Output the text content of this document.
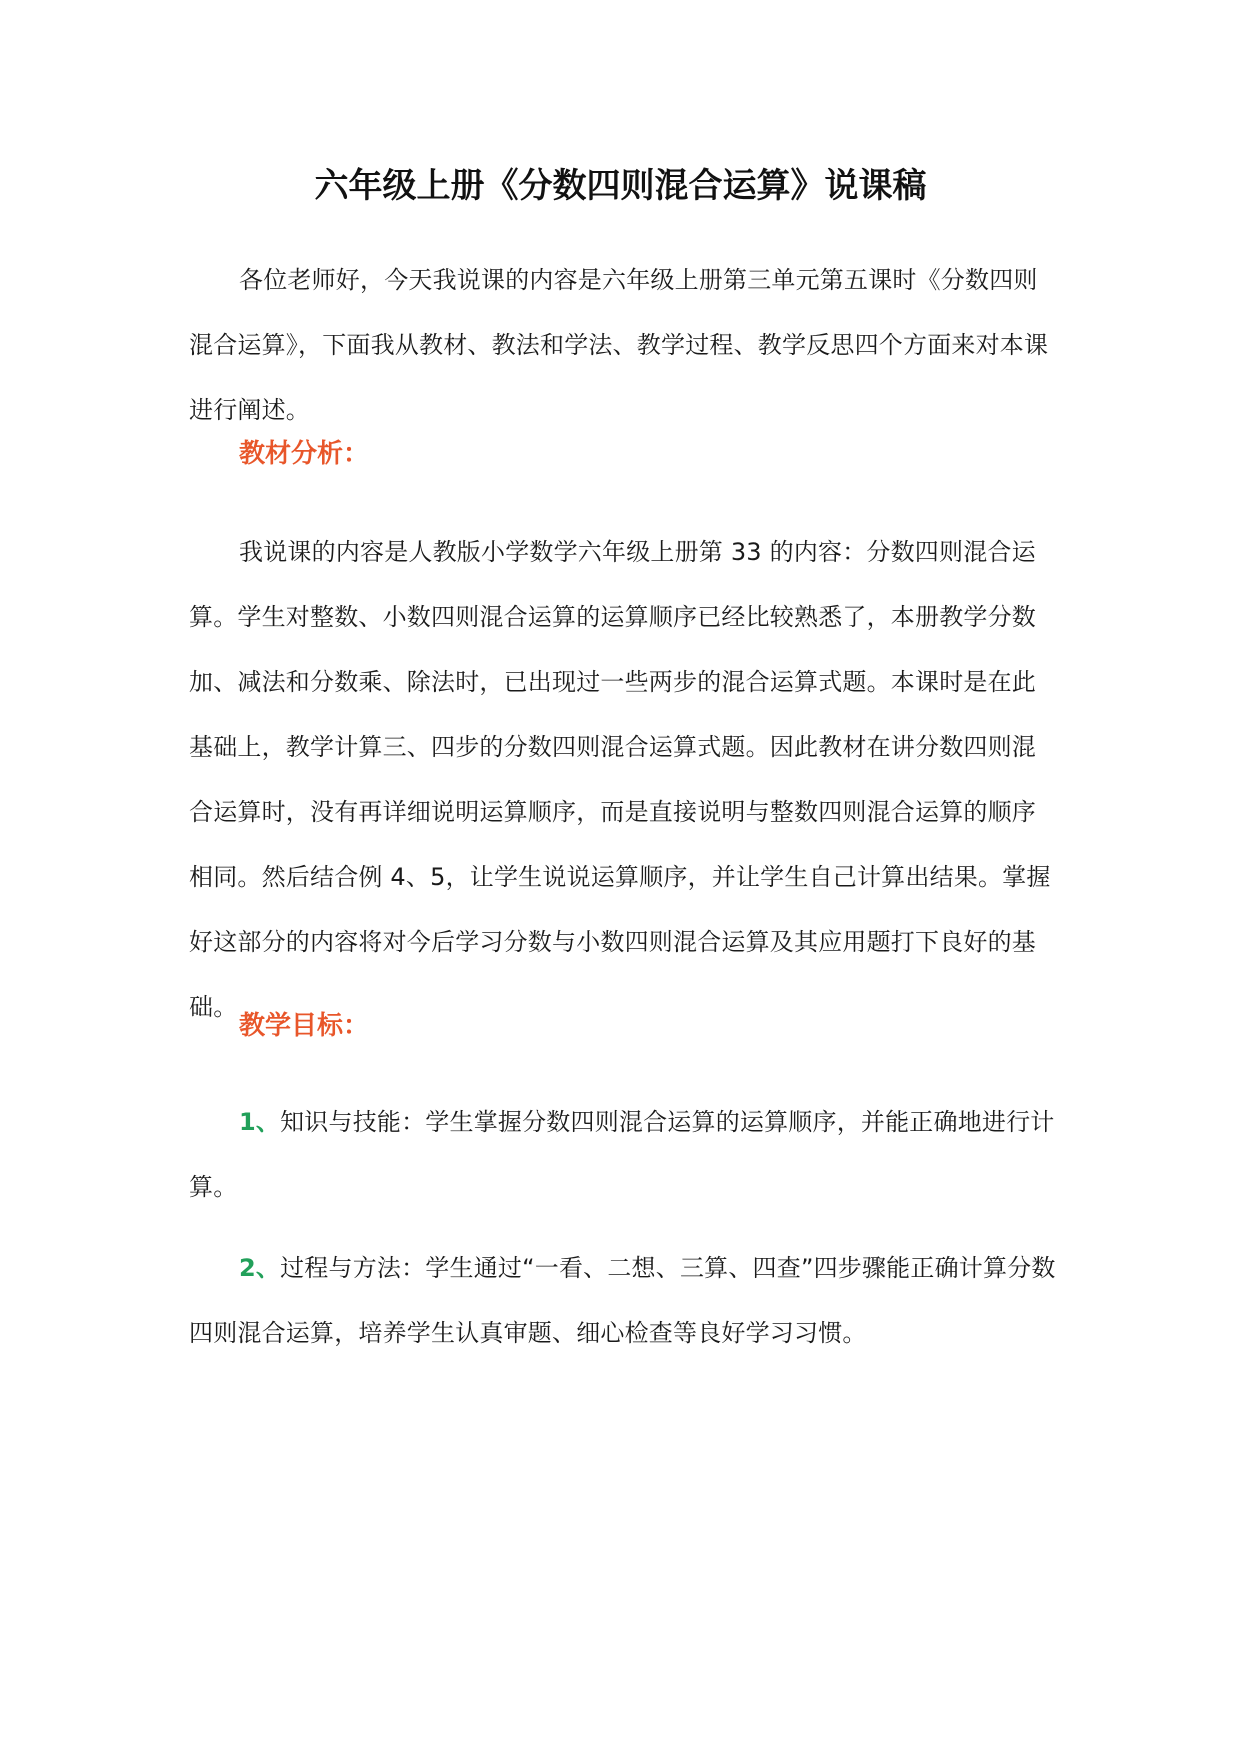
六年级上册《分数四则混合运算》说课稿

各位老师好，今天我说课的内容是六年级上册第三单元第五课时《分数四则混合运算》，下面我从教材、教法和学法、教学过程、教学反思四个方面来对本课进行阐述。

教材分析：

我说课的内容是人教版小学数学六年级上册第 33 的内容：分数四则混合运算。学生对整数、小数四则混合运算的运算顺序已经比较熟悉了，本册教学分数加、减法和分数乘、除法时，已出现过一些两步的混合运算式题。本课时是在此基础上，教学计算三、四步的分数四则混合运算式题。因此教材在讲分数四则混合运算时，没有再详细说明运算顺序，而是直接说明与整数四则混合运算的顺序相同。然后结合例 4、5，让学生说说运算顺序，并让学生自己计算出结果。掌握好这部分的内容将对今后学习分数与小数四则混合运算及其应用题打下良好的基础。

教学目标：

1、知识与技能：学生掌握分数四则混合运算的运算顺序，并能正确地进行计算。

2、过程与方法：学生通过“一看、二想、三算、四查”四步骤能正确计算分数四则混合运算，培养学生认真审题、细心检查等良好学习习惯。
